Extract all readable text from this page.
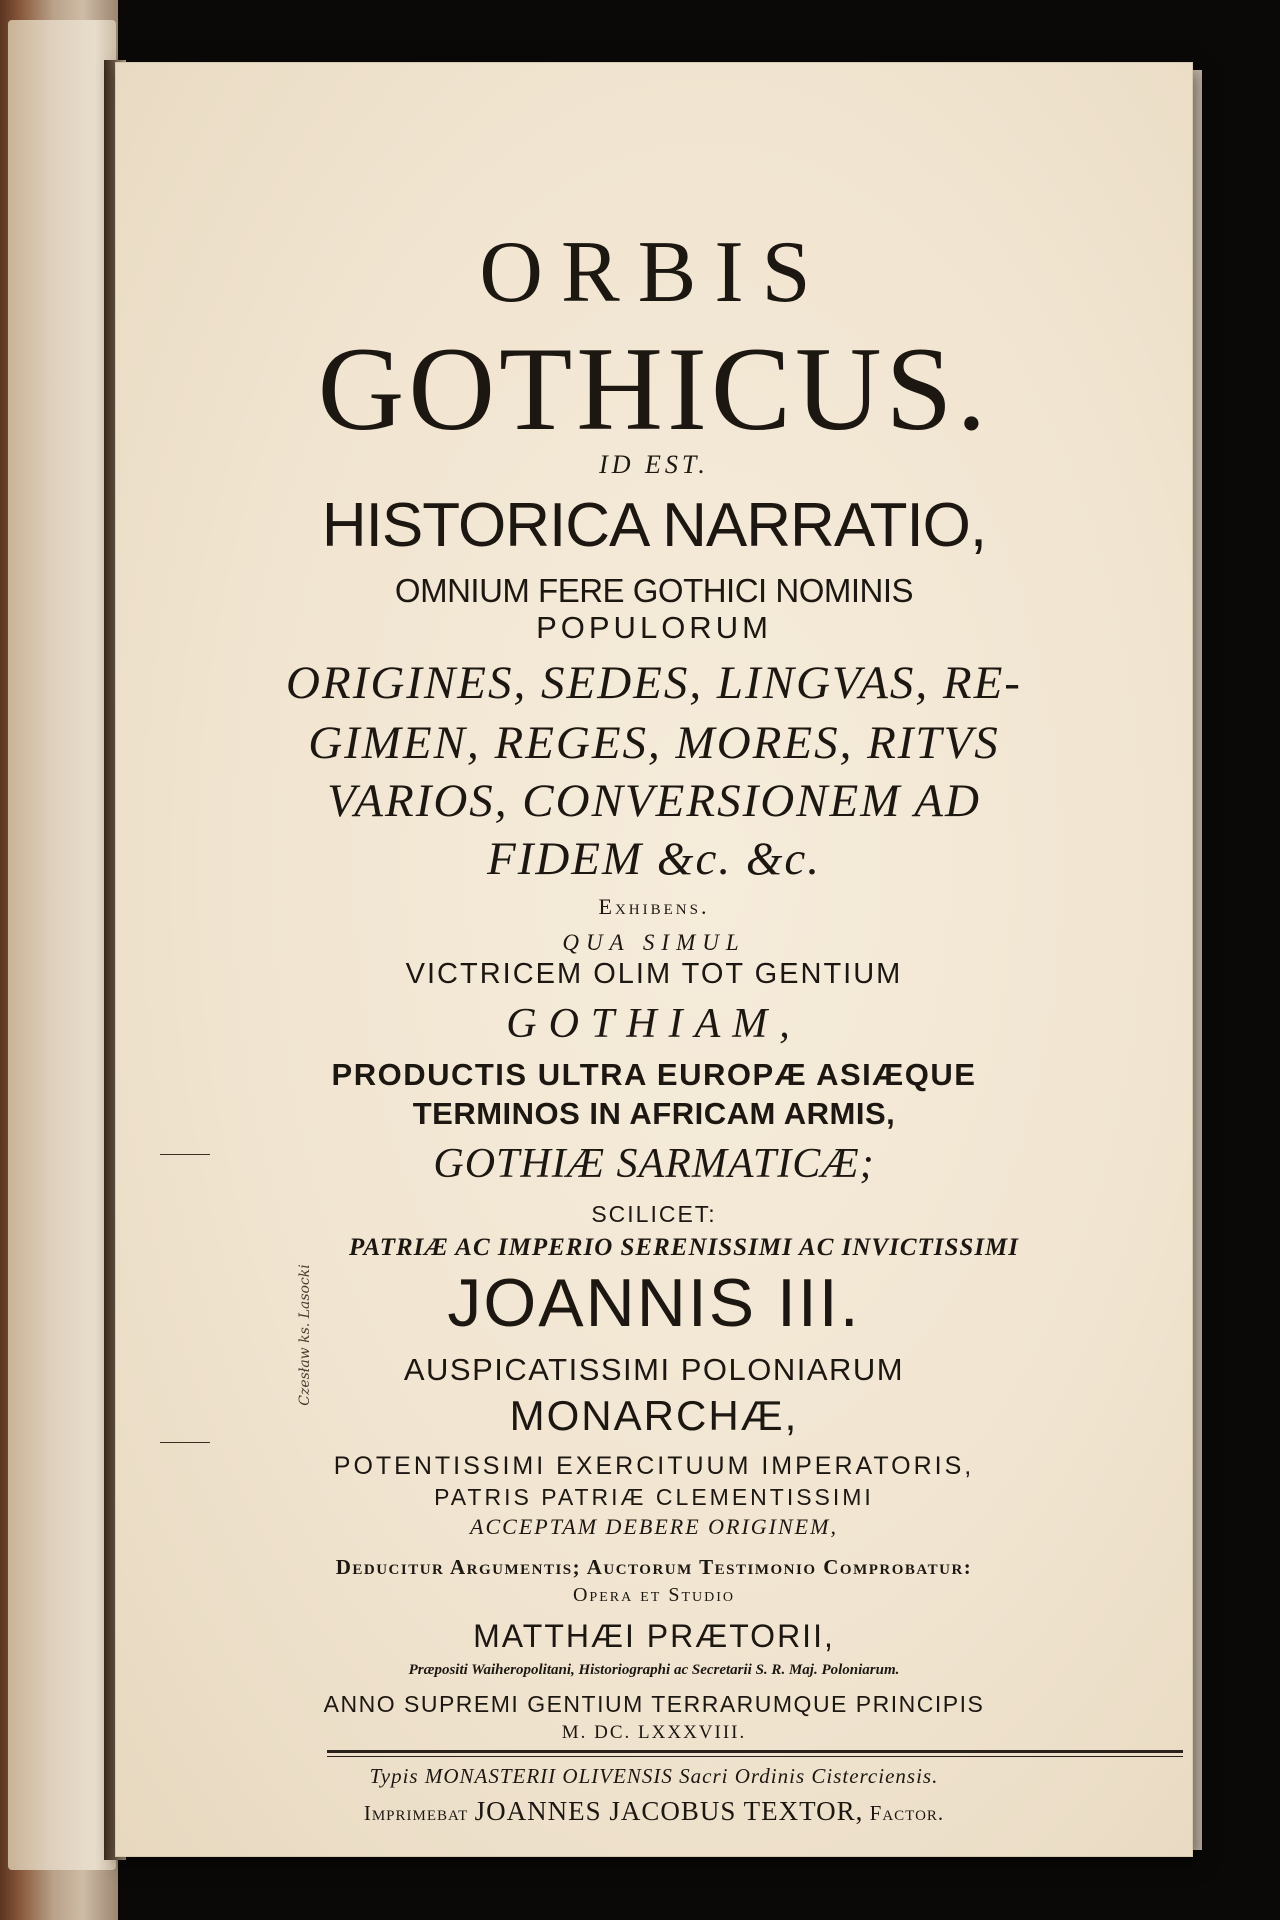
ORBIS
GOTHICUS.
ID EST.
HISTORICA NARRATIO,
OMNIUM FERE GOTHICI NOMINIS
POPULORUM
ORIGINES, SEDES, LINGVAS, RE-
GIMEN, REGES, MORES, RITVS
VARIOS, CONVERSIONEM AD
FIDEM &c. &c.
Exhibens.
QUA SIMUL
VICTRICEM OLIM TOT GENTIUM
GOTHIAM,
PRODUCTIS ULTRA EUROPÆ ASIÆQUE
TERMINOS IN AFRICAM ARMIS,
GOTHIÆ SARMATICÆ;
SCILICET:
PATRIÆ AC IMPERIO SERENISSIMI AC INVICTISSIMI
JOANNIS III.
AUSPICATISSIMI POLONIARUM
MONARCHÆ,
POTENTISSIMI EXERCITUUM IMPERATORIS,
PATRIS PATRIÆ CLEMENTISSIMI
ACCEPTAM DEBERE ORIGINEM,
Deducitur Argumentis; Auctorum Testimonio Comprobatur:
Opera et Studio
MATTHÆI PRÆTORII,
Præpositi Waiheropolitani, Historiographi ac Secretarii S. R. Maj. Poloniarum.
ANNO SUPREMI GENTIUM TERRARUMQUE PRINCIPIS
M. DC. LXXXVIII.
Typis MONASTERII OLIVENSIS Sacri Ordinis Cisterciensis.
Imprimebat JOANNES JACOBUS TEXTOR, Factor.
Czesław ks. Lasocki
